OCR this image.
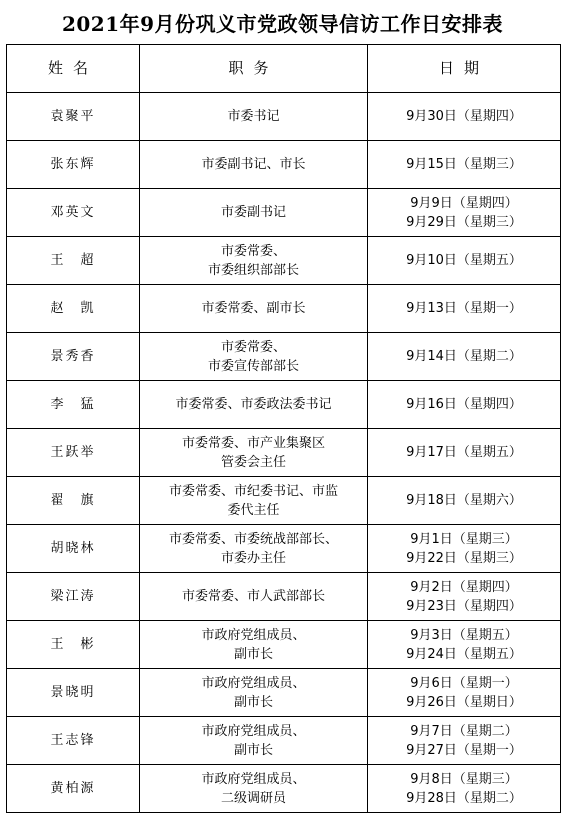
2021年9月份巩义市党政领导信访工作日安排表
姓名	职务	日期
袁聚平	市委书记	9月30日（星期四）

张东辉	市委副书记、市长	9月15日（星期三）

邓英文	市委副书记	9月9日（星期四）
9月29日（星期三）

王　超	市委常委、
市委组织部部长	9月10日（星期五）

赵　凯	市委常委、副市长	9月13日（星期一）

景秀香	市委常委、
市委宣传部部长	9月14日（星期二）

李　猛	市委常委、市委政法委书记	9月16日（星期四）

王跃举	市委常委、市产业集聚区
管委会主任	9月17日（星期五）

翟　旗	市委常委、市纪委书记、市监
委代主任	9月18日（星期六）

胡晓林	市委常委、市委统战部部长、
市委办主任	9月1日（星期三）
9月22日（星期三）

梁江涛	市委常委、市人武部部长	9月2日（星期四）
9月23日（星期四）

王　彬	市政府党组成员、
副市长	9月3日（星期五）
9月24日（星期五）

景晓明	市政府党组成员、
副市长	9月6日（星期一）
9月26日（星期日）

王志锋	市政府党组成员、
副市长	9月7日（星期二）
9月27日（星期一）

黄柏源	市政府党组成员、
二级调研员	9月8日（星期三）
9月28日（星期二）
